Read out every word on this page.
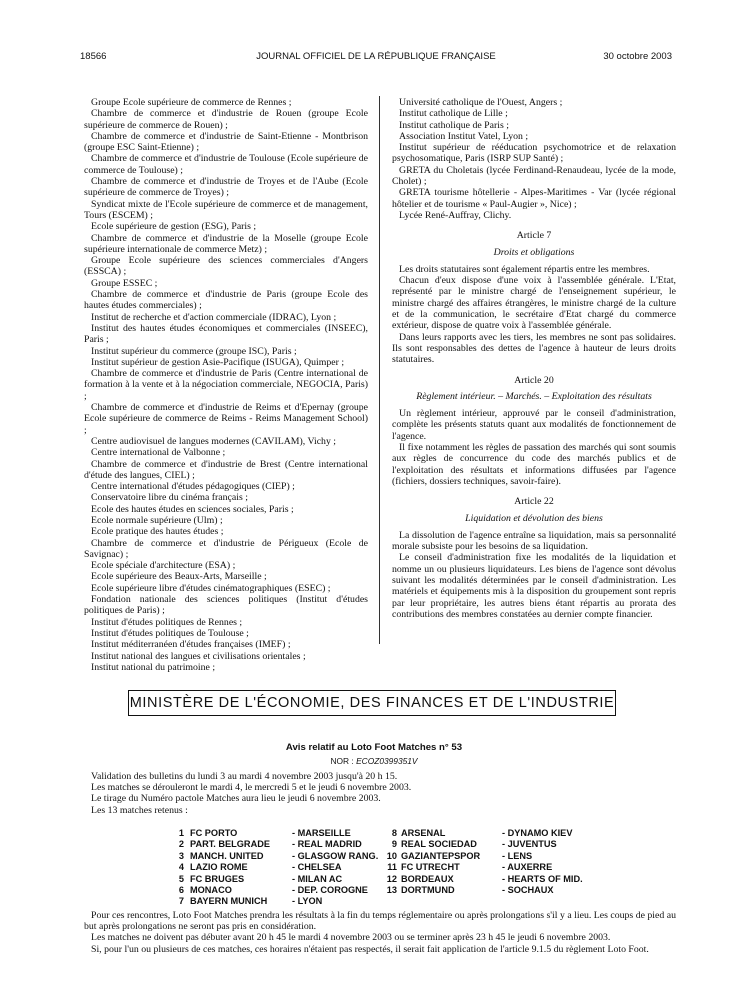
18566	JOURNAL OFFICIEL DE LA RÉPUBLIQUE FRANÇAISE	30 octobre 2003

Groupe Ecole supérieure de commerce de Rennes ;

Chambre de commerce et d'industrie de Rouen (groupe Ecole supérieure de commerce de Rouen) ;

Chambre de commerce et d'industrie de Saint-Etienne - Montbrison (groupe ESC Saint-Etienne) ;

Chambre de commerce et d'industrie de Toulouse (Ecole supérieure de commerce de Toulouse) ;

Chambre de commerce et d'industrie de Troyes et de l'Aube (Ecole supérieure de commerce de Troyes) ;

Syndicat mixte de l'Ecole supérieure de commerce et de management, Tours (ESCEM) ;

Ecole supérieure de gestion (ESG), Paris ;

Chambre de commerce et d'industrie de la Moselle (groupe Ecole supérieure internationale de commerce Metz) ;

Groupe Ecole supérieure des sciences commerciales d'Angers (ESSCA) ;

Groupe ESSEC ;

Chambre de commerce et d'industrie de Paris (groupe Ecole des hautes études commerciales) ;

Institut de recherche et d'action commerciale (IDRAC), Lyon ;

Institut des hautes études économiques et commerciales (INSEEC), Paris ;

Institut supérieur du commerce (groupe ISC), Paris ;

Institut supérieur de gestion Asie-Pacifique (ISUGA), Quimper ;

Chambre de commerce et d'industrie de Paris (Centre international de formation à la vente et à la négociation commerciale, NEGOCIA, Paris) ;

Chambre de commerce et d'industrie de Reims et d'Epernay (groupe Ecole supérieure de commerce de Reims - Reims Management School) ;

Centre audiovisuel de langues modernes (CAVILAM), Vichy ;

Centre international de Valbonne ;

Chambre de commerce et d'industrie de Brest (Centre international d'étude des langues, CIEL) ;

Centre international d'études pédagogiques (CIEP) ;

Conservatoire libre du cinéma français ;

Ecole des hautes études en sciences sociales, Paris ;

Ecole normale supérieure (Ulm) ;

Ecole pratique des hautes études ;

Chambre de commerce et d'industrie de Périgueux (Ecole de Savignac) ;

Ecole spéciale d'architecture (ESA) ;

Ecole supérieure des Beaux-Arts, Marseille ;

Ecole supérieure libre d'études cinématographiques (ESEC) ;

Fondation nationale des sciences politiques (Institut d'études politiques de Paris) ;

Institut d'études politiques de Rennes ;

Institut d'études politiques de Toulouse ;

Institut méditerranéen d'études françaises (IMEF) ;

Institut national des langues et civilisations orientales ;

Institut national du patrimoine ;

Université catholique de l'Ouest, Angers ;

Institut catholique de Lille ;

Institut catholique de Paris ;

Association Institut Vatel, Lyon ;

Institut supérieur de rééducation psychomotrice et de relaxation psychosomatique, Paris (ISRP SUP Santé) ;

GRETA du Choletais (lycée Ferdinand-Renaudeau, lycée de la mode, Cholet) ;

GRETA tourisme hôtellerie - Alpes-Maritimes - Var (lycée régional hôtelier et de tourisme « Paul-Augier », Nice) ;

Lycée René-Auffray, Clichy.

Article 7
Droits et obligations

Les droits statutaires sont également répartis entre les membres.

Chacun d'eux dispose d'une voix à l'assemblée générale. L'Etat, représenté par le ministre chargé de l'enseignement supérieur, le ministre chargé des affaires étrangères, le ministre chargé de la culture et de la communication, le secrétaire d'Etat chargé du commerce extérieur, dispose de quatre voix à l'assemblée générale.

Dans leurs rapports avec les tiers, les membres ne sont pas solidaires. Ils sont responsables des dettes de l'agence à hauteur de leurs droits statutaires.

Article 20
Règlement intérieur. – Marchés. – Exploitation des résultats

Un règlement intérieur, approuvé par le conseil d'administration, complète les présents statuts quant aux modalités de fonctionnement de l'agence.

Il fixe notamment les règles de passation des marchés qui sont soumis aux règles de concurrence du code des marchés publics et de l'exploitation des résultats et informations diffusées par l'agence (fichiers, dossiers techniques, savoir-faire).

Article 22
Liquidation et dévolution des biens

La dissolution de l'agence entraîne sa liquidation, mais sa personnalité morale subsiste pour les besoins de sa liquidation.

Le conseil d'administration fixe les modalités de la liquidation et nomme un ou plusieurs liquidateurs. Les biens de l'agence sont dévolus suivant les modalités déterminées par le conseil d'administration. Les matériels et équipements mis à la disposition du groupement sont repris par leur propriétaire, les autres biens étant répartis au prorata des contributions des membres constatées au dernier compte financier.

MINISTÈRE DE L'ÉCONOMIE, DES FINANCES ET DE L'INDUSTRIE
Avis relatif au Loto Foot Matches n° 53
NOR : ECOZ0399351V
Validation des bulletins du lundi 3 au mardi 4 novembre 2003 jusqu'à 20 h 15.
Les matches se dérouleront le mardi 4, le mercredi 5 et le jeudi 6 novembre 2003.
Le tirage du Numéro pactole Matches aura lieu le jeudi 6 novembre 2003.
Les 13 matches retenus :
1 FC PORTO	- MARSEILLE	8 ARSENAL	- DYNAMO KIEV
2 PART. BELGRADE - REAL MADRID	9 REAL SOCIEDAD	- JUVENTUS
3 MANCH. UNITED	- GLASGOW RANG. 10 GAZIANTEPSPOR - LENS
4 LAZIO ROME	- CHELSEA	11 FC UTRECHT	- AUXERRE
5 FC BRUGES	- MILAN AC	12 BORDEAUX	- HEARTS OF MID.
6 MONACO	- DEP. COROGNE	13 DORTMUND	- SOCHAUX
7 BAYERN MUNICH	- LYON

Pour ces rencontres, Loto Foot Matches prendra les résultats à la fin du temps réglementaire ou après prolongations s'il y a lieu. Les coups de pied au but après prolongations ne seront pas pris en considération.

Les matches ne doivent pas débuter avant 20 h 45 le mardi 4 novembre 2003 ou se terminer après 23 h 45 le jeudi 6 novembre 2003.

Si, pour l'un ou plusieurs de ces matches, ces horaires n'étaient pas respectés, il serait fait application de l'article 9.1.5 du règlement Loto Foot.
